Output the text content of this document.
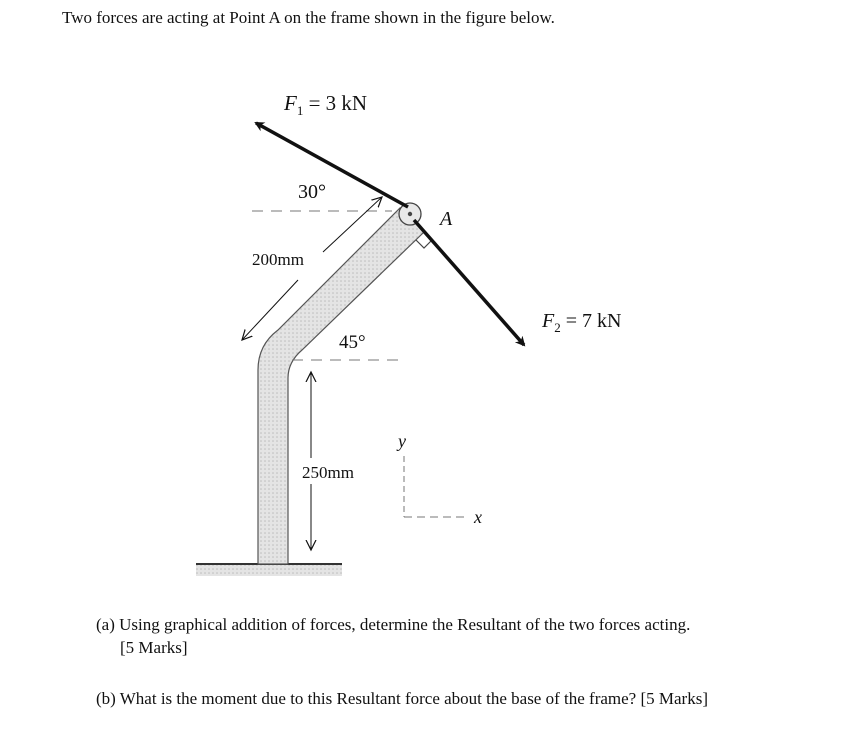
Two forces are acting at Point A on the frame shown in the figure below.
$F_1 = 3$ kN
$F_2 = 7$ kN
30°
45°
A
200mm
250mm
y
x
(a) Using graphical addition of forces, determine the Resultant of the two forces acting.
[5 Marks]
(b) What is the moment due to this Resultant force about the base of the frame? [5 Marks]
